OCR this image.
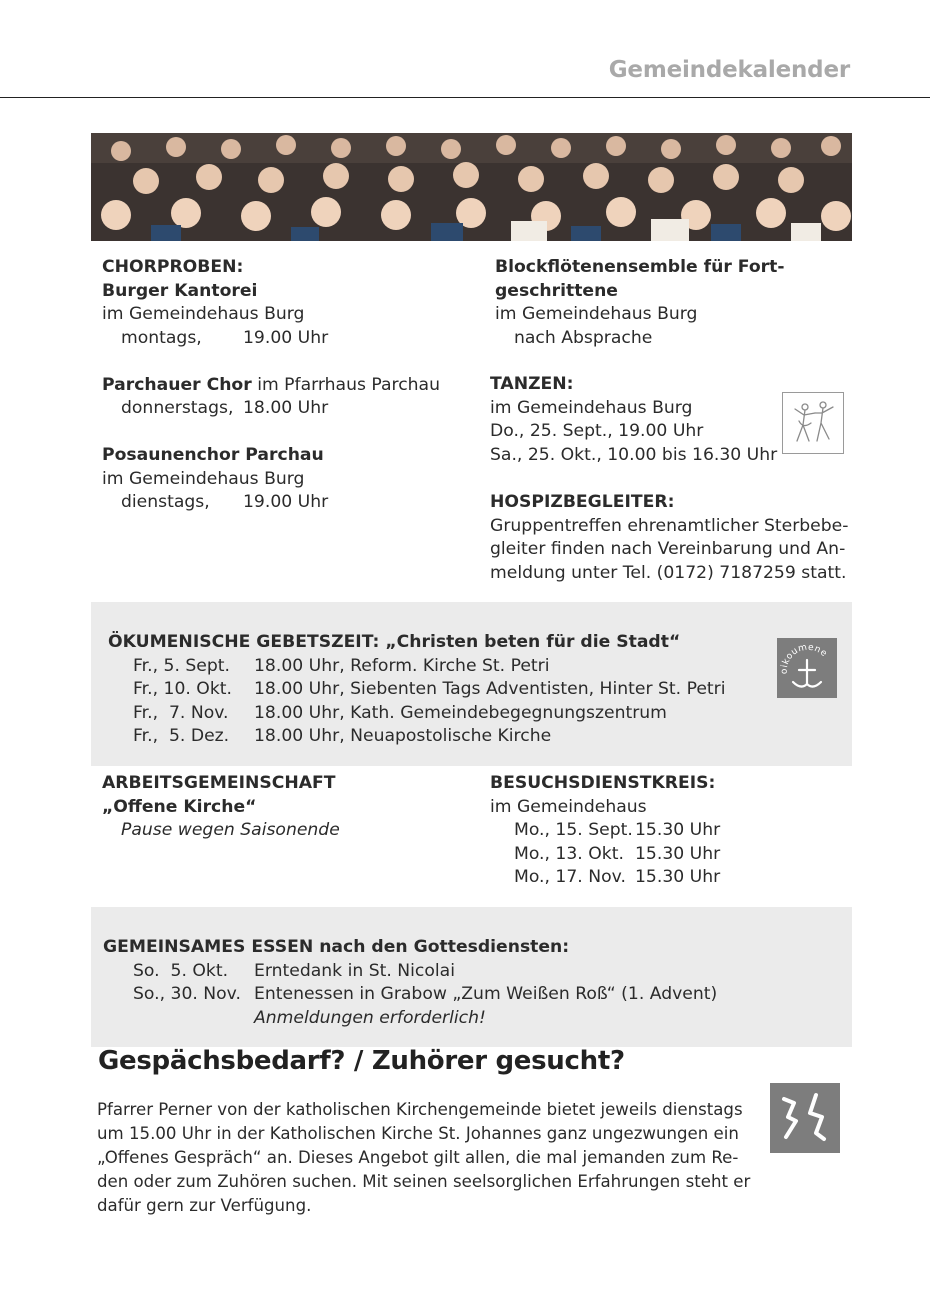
Gemeindekalender
CHORPROBEN:
Burger Kantorei
im Gemeindehaus Burg
montags, 19.00 Uhr
Parchauer Chor im Pfarrhaus Parchau
donnerstags, 18.00 Uhr
Posaunenchor Parchau
im Gemeindehaus Burg
dienstags, 19.00 Uhr
Blockflötenensemble für Fort-
geschrittene
im Gemeindehaus Burg
nach Absprache
TANZEN:
im Gemeindehaus Burg
Do., 25. Sept., 19.00 Uhr
Sa., 25. Okt., 10.00 bis 16.30 Uhr
HOSPIZBEGLEITER:
Gruppentreffen ehrenamtlicher Sterbebe-
gleiter finden nach Vereinbarung und An-
meldung unter Tel. (0172) 7187259 statt.
ÖKUMENISCHE GEBETSZEIT: „Christen beten für die Stadt“
Fr., 5. Sept. 18.00 Uhr, Reform. Kirche St. Petri
Fr., 10. Okt. 18.00 Uhr, Siebenten Tags Adventisten, Hinter St. Petri
Fr.,  7. Nov. 18.00 Uhr, Kath. Gemeindebegegnungszentrum
Fr.,  5. Dez. 18.00 Uhr, Neuapostolische Kirche
oikoumene
ARBEITSGEMEINSCHAFT
„Offene Kirche“
Pause wegen Saisonende
BESUCHSDIENSTKREIS:
im Gemeindehaus
Mo., 15. Sept. 15.30 Uhr
Mo., 13. Okt. 15.30 Uhr
Mo., 17. Nov. 15.30 Uhr
GEMEINSAMES ESSEN nach den Gottesdiensten:
So.  5. Okt. Erntedank in St. Nicolai
So., 30. Nov. Entenessen in Grabow „Zum Weißen Roß“ (1. Advent)
Anmeldungen erforderlich!
Gespächsbedarf? / Zuhörer gesucht?
Pfarrer Perner von der katholischen Kirchengemeinde bietet jeweils dienstags
um 15.00 Uhr in der Katholischen Kirche St. Johannes ganz ungezwungen ein
„Offenes Gespräch“ an. Dieses Angebot gilt allen, die mal jemanden zum Re-
den oder zum Zuhören suchen. Mit seinen seelsorglichen Erfahrungen steht er
dafür gern zur Verfügung.
